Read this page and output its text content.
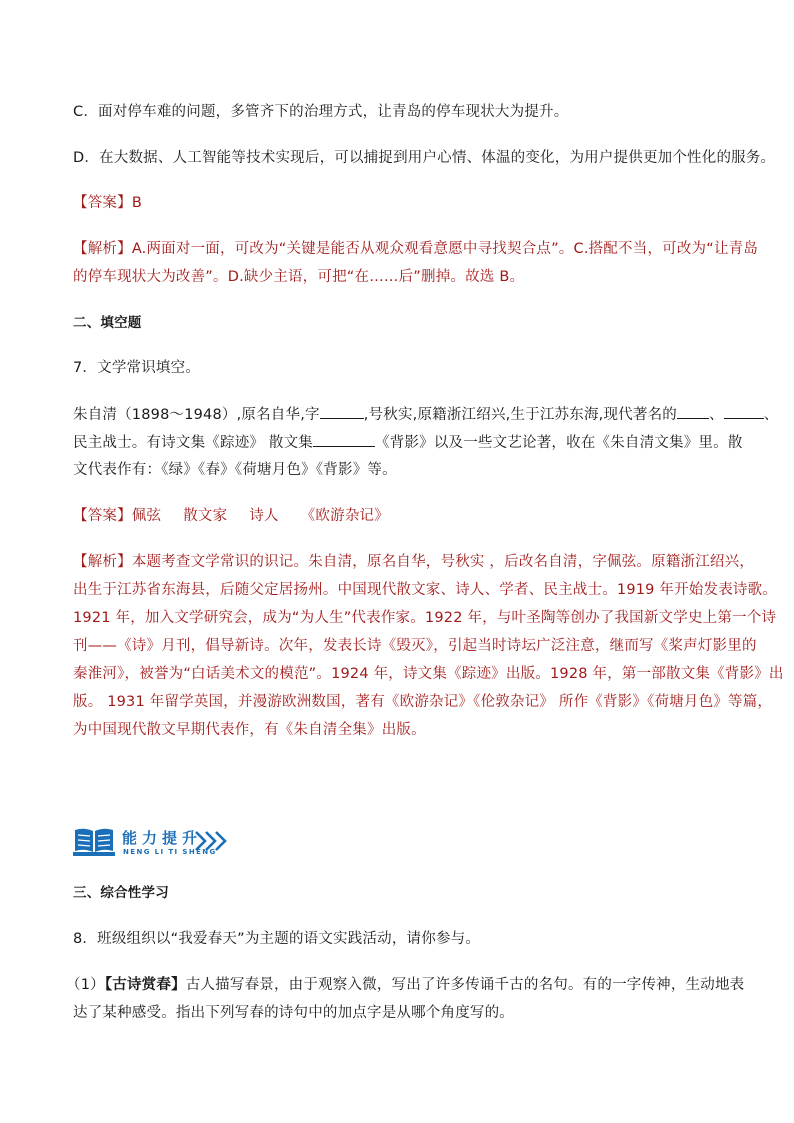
C．面对停车难的问题，多管齐下的治理方式，让青岛的停车现状大为提升。
D．在大数据、人工智能等技术实现后，可以捕捉到用户心情、体温的变化，为用户提供更加个性化的服务。
【答案】B
【解析】A.两面对一面，可改为“关键是能否从观众观看意愿中寻找契合点”。C.搭配不当，可改为“让青岛
的停车现状大为改善”。D.缺少主语，可把“在……后”删掉。故选 B。
二、填空题
7．文学常识填空。
朱自清（1898～1948）,原名自华,字	,号秋实,原籍浙江绍兴,生于江苏东海,现代著名的 、	、
民主战士。有诗文集《踪迹》 散文集	《背影》以及一些文艺论著，收在《朱自清文集》里。散
文代表作有：《绿》《春》《荷塘月色》《背影》等。
【答案】佩弦 散文家 诗人 《欧游杂记》
【解析】本题考查文学常识的识记。朱自清，原名自华，号秋实 ，后改名自清，字佩弦。原籍浙江绍兴，
出生于江苏省东海县，后随父定居扬州。中国现代散文家、诗人、学者、民主战士。1919 年开始发表诗歌。
1921 年，加入文学研究会，成为“为人生”代表作家。1922 年，与叶圣陶等创办了我国新文学史上第一个诗
刊——《诗》月刊，倡导新诗。次年，发表长诗《毁灭》，引起当时诗坛广泛注意，继而写《桨声灯影里的
秦淮河》，被誉为“白话美术文的模范”。1924 年，诗文集《踪迹》出版。1928 年，第一部散文集《背影》出
版。 1931 年留学英国，并漫游欧洲数国，著有《欧游杂记》《伦敦杂记》 所作《背影》《荷塘月色》等篇，
为中国现代散文早期代表作，有《朱自清全集》出版。
能力提升
NENG LI TI SHENG
三、综合性学习
8．班级组织以“我爱春天”为主题的语文实践活动，请你参与。
（1）【古诗赏春】古人描写春景，由于观察入微，写出了许多传诵千古的名句。有的一字传神，生动地表
达了某种感受。指出下列写春的诗句中的加点字是从哪个角度写的。
